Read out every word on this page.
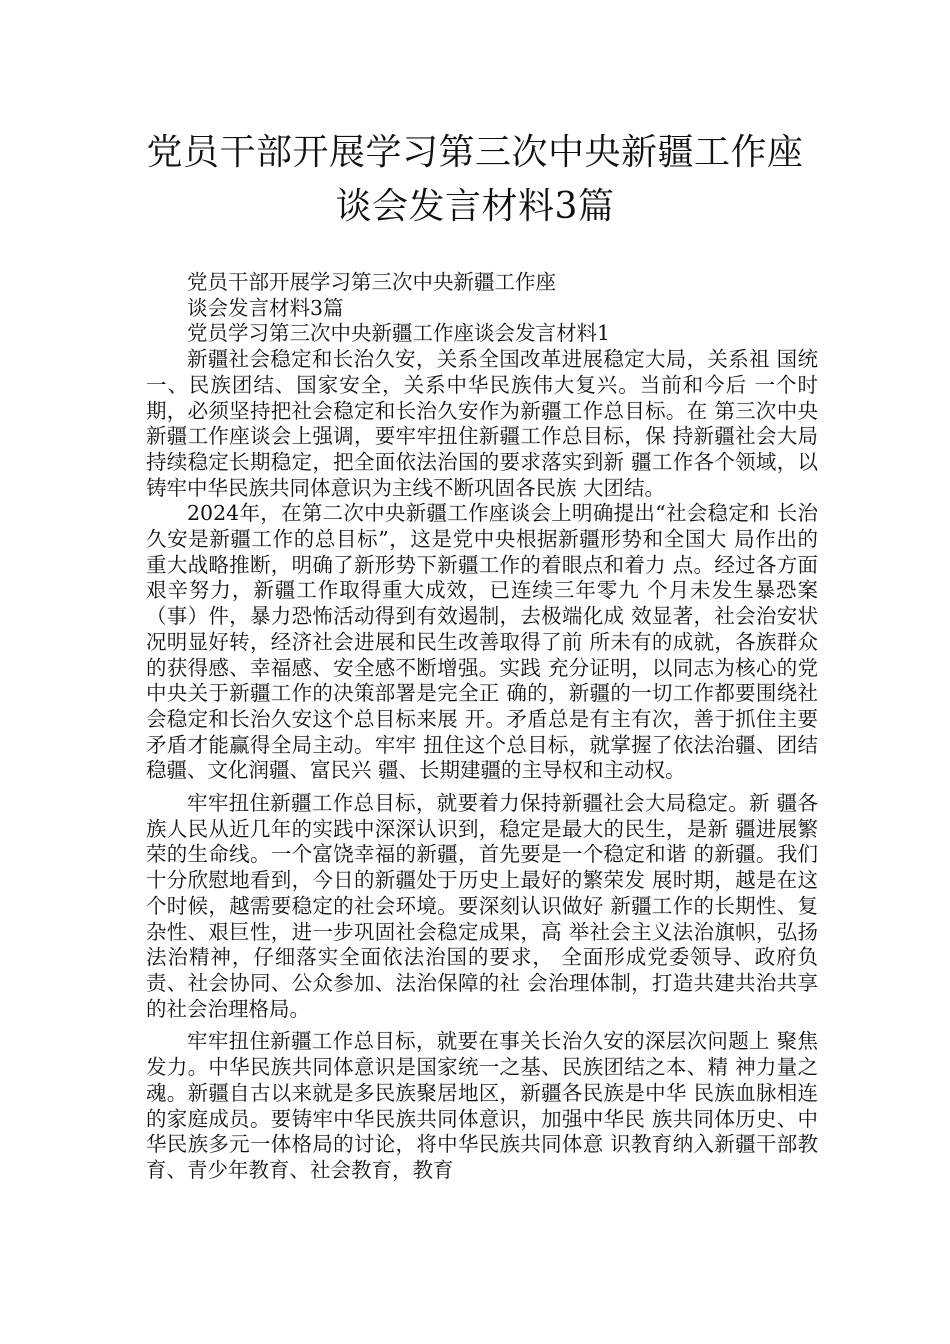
党员干部开展学习第三次中央新疆工作座
谈会发言材料3篇

党员干部开展学习第三次中央新疆工作座

谈会发言材料3篇

党员学习第三次中央新疆工作座谈会发言材料1

新疆社会稳定和长治久安，关系全国改革进展稳定大局，关系祖 国统一、民族团结、国家安全，关系中华民族伟大复兴。当前和今后 一个时期，必须坚持把社会稳定和长治久安作为新疆工作总目标。在 第三次中央新疆工作座谈会上强调，要牢牢扭住新疆工作总目标，保 持新疆社会大局持续稳定长期稳定，把全面依法治国的要求落实到新 疆工作各个领域，以铸牢中华民族共同体意识为主线不断巩固各民族 大团结。

2024年，在第二次中央新疆工作座谈会上明确提出“社会稳定和 长治久安是新疆工作的总目标”，这是党中央根据新疆形势和全国大 局作出的重大战略推断，明确了新形势下新疆工作的着眼点和着力 点。经过各方面艰辛努力，新疆工作取得重大成效，已连续三年零九 个月未发生暴恐案（事）件，暴力恐怖活动得到有效遏制，去极端化成 效显著，社会治安状况明显好转，经济社会进展和民生改善取得了前 所未有的成就，各族群众的获得感、幸福感、安全感不断增强。实践 充分证明，以同志为核心的党中央关于新疆工作的决策部署是完全正 确的，新疆的一切工作都要围绕社会稳定和长治久安这个总目标来展 开。矛盾总是有主有次，善于抓住主要矛盾才能赢得全局主动。牢牢 扭住这个总目标，就掌握了依法治疆、团结稳疆、文化润疆、富民兴 疆、长期建疆的主导权和主动权。

牢牢扭住新疆工作总目标，就要着力保持新疆社会大局稳定。新 疆各族人民从近几年的实践中深深认识到，稳定是最大的民生，是新 疆进展繁荣的生命线。一个富饶幸福的新疆，首先要是一个稳定和谐 的新疆。我们十分欣慰地看到，今日的新疆处于历史上最好的繁荣发 展时期，越是在这个时候，越需要稳定的社会环境。要深刻认识做好 新疆工作的长期性、复杂性、艰巨性，进一步巩固社会稳定成果，高 举社会主义法治旗帜，弘扬法治精神，仔细落实全面依法治国的要求， 全面形成党委领导、政府负责、社会协同、公众参加、法治保障的社 会治理体制，打造共建共治共享的社会治理格局。

牢牢扭住新疆工作总目标，就要在事关长治久安的深层次问题上 聚焦发力。中华民族共同体意识是国家统一之基、民族团结之本、精 神力量之魂。新疆自古以来就是多民族聚居地区，新疆各民族是中华 民族血脉相连的家庭成员。要铸牢中华民族共同体意识，加强中华民 族共同体历史、中华民族多元一体格局的讨论，将中华民族共同体意 识教育纳入新疆干部教育、青少年教育、社会教育，教育
